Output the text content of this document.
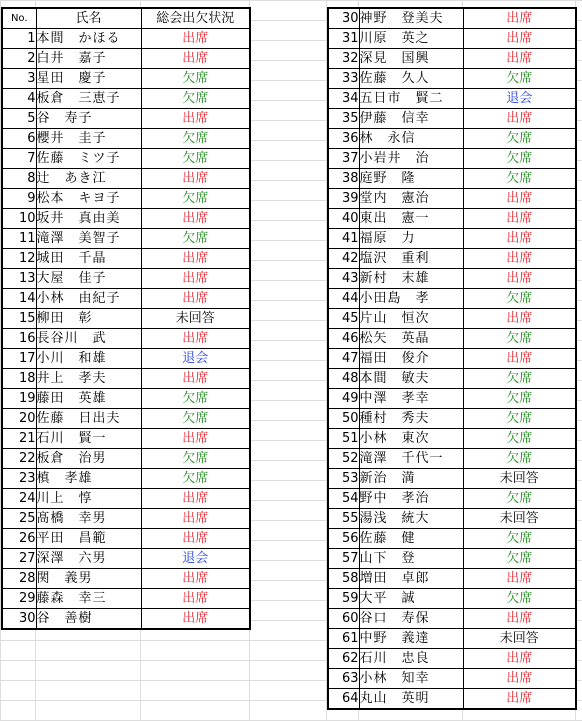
No.	氏名	総会出欠状況
1	本間　かほる	出席
2	白井　嘉子	出席
3	星田　慶子	欠席
4	板倉　三恵子	欠席
5	谷　寿子	出席
6	櫻井　圭子	欠席
7	佐藤　ミツ子	欠席
8	辻　あき江	出席
9	松本　キヨ子	欠席
10	坂井　真由美	出席
11	滝澤　美智子	欠席
12	城田　千晶	出席
13	大屋　佳子	出席
14	小林　由紀子	出席
15	柳田　彰	未回答
16	長谷川　武	出席
17	小川　和雄	退会
18	井上　孝夫	出席
19	藤田　英雄	欠席
20	佐藤　日出夫	欠席
21	石川　賢一	出席
22	板倉　治男	欠席
23	槙　孝雄	欠席
24	川上　惇	出席
25	髙橋　幸男	出席
26	平田　昌範	出席
27	深澤　六男	退会
28	関　義男	出席
29	藤森　幸三	出席
30	谷　善樹	出席
30	神野　登美夫	出席
31	川原　英之	出席
32	深見　国興	出席
33	佐藤　久人	欠席
34	五日市　賢二	退会
35	伊藤　信幸	出席
36	林　永信	欠席
37	小岩井　治	欠席
38	庭野　隆	欠席
39	堂内　憲治	出席
40	東出　憲一	出席
41	福原　力	出席
42	塩沢　重利	出席
43	新村　末雄	出席
44	小田島　孝	欠席
45	片山　恒次	出席
46	松矢　英晶	欠席
47	福田　俊介	出席
48	本間　敏夫	欠席
49	中澤　孝幸	欠席
50	種村　秀夫	欠席
51	小林　東次	欠席
52	滝澤　千代一	欠席
53	新治　満	未回答
54	野中　孝治	欠席
55	湯浅　統大	未回答
56	佐藤　健	欠席
57	山下　登	欠席
58	増田　卓郎	出席
59	大平　誠	欠席
60	谷口　寿保	出席
61	中野　義達	未回答
62	石川　忠良	出席
63	小林　知幸	出席
64	丸山　英明	出席
